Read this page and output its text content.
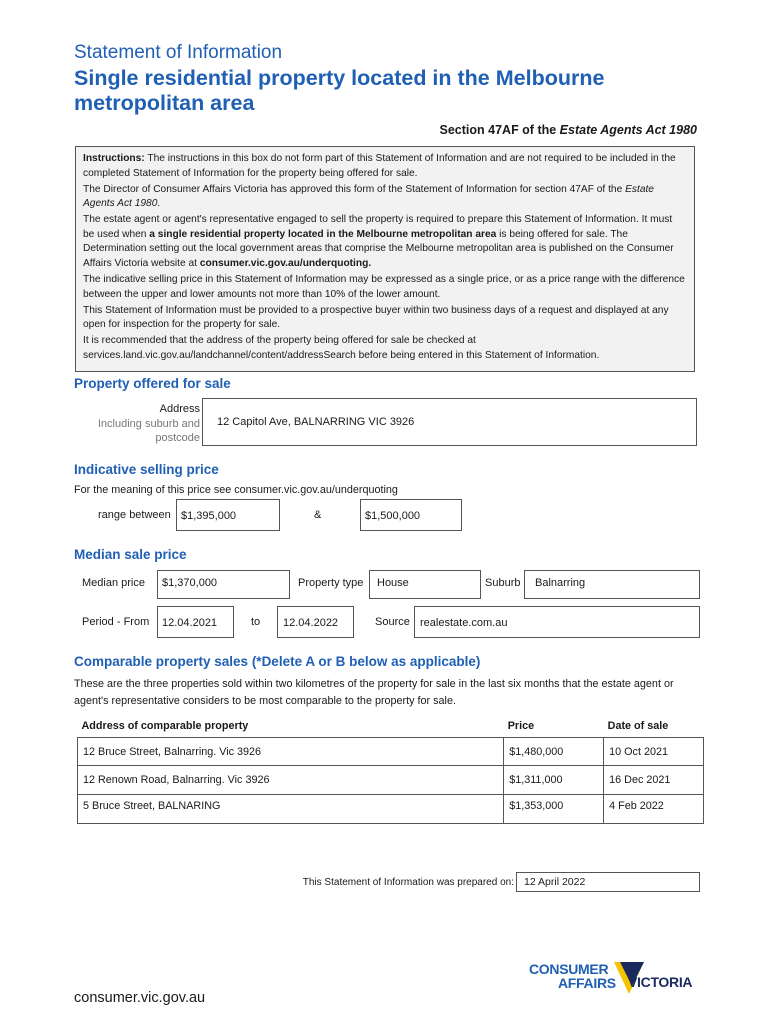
Statement of Information
Single residential property located in the Melbourne metropolitan area
Section 47AF of the Estate Agents Act 1980

Instructions: The instructions in this box do not form part of this Statement of Information and are not required to be included in the completed Statement of Information for the property being offered for sale.

The Director of Consumer Affairs Victoria has approved this form of the Statement of Information for section 47AF of the Estate Agents Act 1980.

The estate agent or agent's representative engaged to sell the property is required to prepare this Statement of Information. It must be used when a single residential property located in the Melbourne metropolitan area is being offered for sale. The Determination setting out the local government areas that comprise the Melbourne metropolitan area is published on the Consumer Affairs Victoria website at consumer.vic.gov.au/underquoting.

The indicative selling price in this Statement of Information may be expressed as a single price, or as a price range with the difference between the upper and lower amounts not more than 10% of the lower amount.

This Statement of Information must be provided to a prospective buyer within two business days of a request and displayed at any open for inspection for the property for sale.

It is recommended that the address of the property being offered for sale be checked at services.land.vic.gov.au/landchannel/content/addressSearch before being entered in this Statement of Information.

Property offered for sale
Address
Including suburb and
postcode
12 Capitol Ave, BALNARRING VIC 3926
Indicative selling price
For the meaning of this price see consumer.vic.gov.au/underquoting
range between $1,395,000	&	$1,500,000
Median sale price
Median price	$1,370,000	Property type	House	Suburb	Balnarring
Period - From	12.04.2021	to	12.04.2022	Source realestate.com.au
Comparable property sales (*Delete A or B below as applicable)
These are the three properties sold within two kilometres of the property for sale in the last six months that the estate agent or agent's representative considers to be most comparable to the property for sale.
Address of comparable property	Price	Date of sale
12 Bruce Street, Balnarring. Vic 3926	$1,480,000	10 Oct 2021
12 Renown Road, Balnarring. Vic 3926	$1,311,000	16 Dec 2021
5 Bruce Street, BALNARING	$1,353,000	4 Feb 2022
This Statement of Information was prepared on: 12 April 2022
consumer.vic.gov.au
CONSUMER
AFFAIRS VICTORIA
